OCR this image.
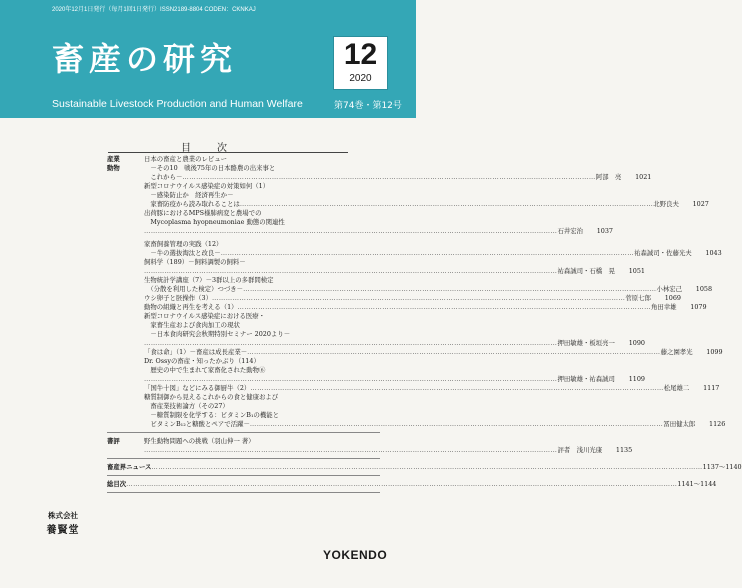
2020年12月1日発行（毎月1回1日発行）ISSN2189-8804 CODEN：CKNKAJ
畜産の研究	12
2020
Sustainable Livestock Production and Human Welfare	第74巻・第12号
目　次
産業
動物
日本の畜産と農業のレビュー
　－その10　戦後75年の日本酪農の出来事と
　これから－ ……………………………………………………………………………………………………………………………………………………………… 阿部　亮	1021
新型コロナウイルス感染症の対策如何（1）
　－感染防止か　経済再生か－
　家畜防疫から読み取れることは ……………………………………………………………………………………………………………………………………………………………… 北野良夫	1027
出荷豚におけるMPS様肺病変と農場での
　Mycoplasma hyopneumoniae 動態の関連性
……………………………………………………………………………………………………………………………………………………………… 石井宏治	1037
家畜飼養管理の実践（12）
　－牛の選抜淘汰と改良－ ……………………………………………………………………………………………………………………………………………………………… 祐森誠司・佐藤光夫	1043
飼料学（189）－飼料調製の飼料－
……………………………………………………………………………………………………………………………………………………………… 祐森誠司・石橋　晃	1051
生物統計学講座（7）－3群以上の多群間検定
　（分散を利用した検定）つづき－ ……………………………………………………………………………………………………………………………………………………………… 小林宏己	1058
ウシ卵子と胚操作（3） ……………………………………………………………………………………………………………………………………………………………… 菅原七郎	1069
動物の組織と再生を考える（1） ……………………………………………………………………………………………………………………………………………………………… 角田幸雄	1079
新型コロナウイルス感染症における医療・
　家畜生産および食肉加工の現状
　－日本食肉研究会秋期特別セミナー 2020より－
……………………………………………………………………………………………………………………………………………………………… 押田敏雄・板垣亮一	1090
「食は命」（1）－畜産は成長産業－ ……………………………………………………………………………………………………………………………………………………………… 藤之園孝光	1099
Dr. Ossyの畜産・知ったかぶり（114）
　歴史の中で生まれて家畜化された動物⑥
……………………………………………………………………………………………………………………………………………………………… 押田敏雄・祐森誠司	1109
「国牛十図」などにみる御厨牛（2） ……………………………………………………………………………………………………………………………………………………………… 松尾雄二	1117
糖質制御から見えるこれからの食と健康および
　畜産業技術論方（その27）
　－糖質制限を化学する：ビタミンB₁の機能と
　ビタミンB₁₂と糖酸とペアで活躍－ ……………………………………………………………………………………………………………………………………………………………… 冨田健太郎	1126
書評	野生動物問題への挑戦（羽山伸一 著）
……………………………………………………………………………………………………………………………………………………………… 評者　浅川光康	1135
畜産界ニュース …………………………………………………………………………………………………………………………………………………………………………………………………………………… 1137～1140
総目次 …………………………………………………………………………………………………………………………………………………………………………………………………………………… 1141～1144
株式会社
養賢堂
YOKENDO
